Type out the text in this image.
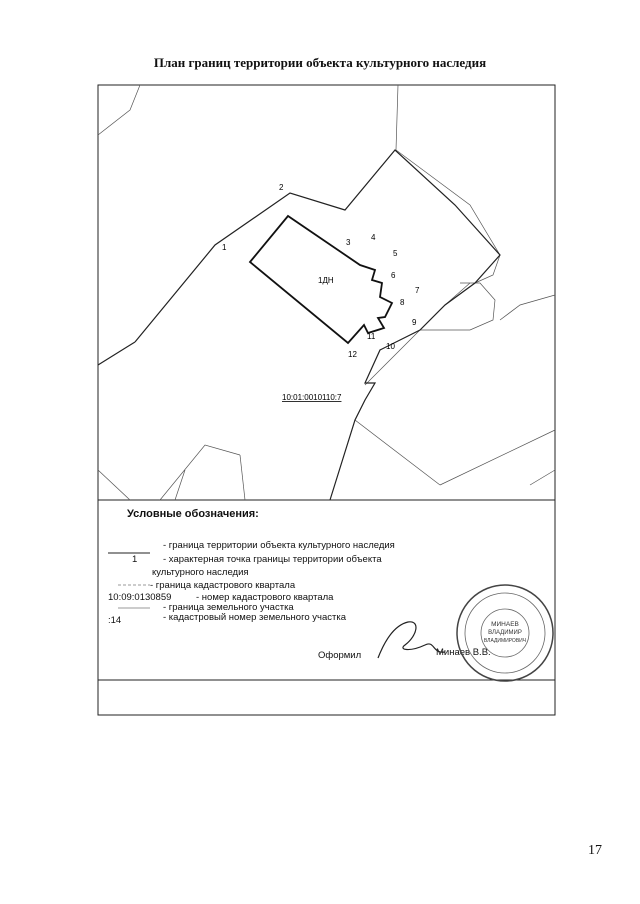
План границ территории объекта культурного наследия
1
2
3
4
5
6
7
8
9
10
11
12
1ДН
10:01:0010110:7
Условные обозначения:
- граница территории объекта культурного наследия
1	- характерная точка границы территории объекта
культурного наследия
- граница кадастрового квартала
10:09:0130859	- номер кадастрового квартала
- граница земельного участка
:14	- кадастровый номер земельного участка
Оформил	Минаев В.В.
МИНАЕВ
ВЛАДИМИР
ВЛАДИМИРОВИЧ
17
